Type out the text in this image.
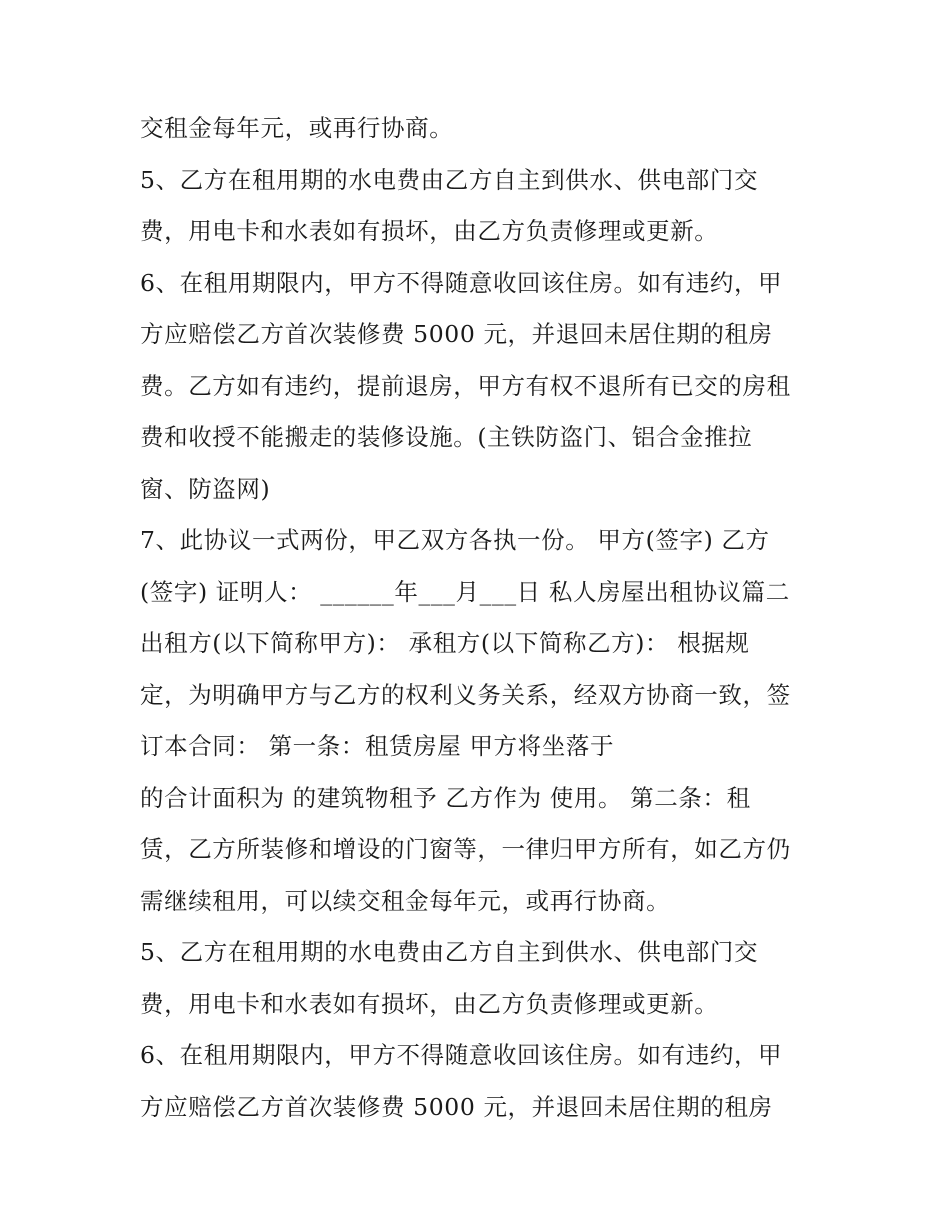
交租金每年元，或再行协商。
5、乙方在租用期的水电费由乙方自主到供水、供电部门交
费，用电卡和水表如有损坏，由乙方负责修理或更新。
6、在租用期限内，甲方不得随意收回该住房。如有违约，甲
方应赔偿乙方首次装修费 5000 元，并退回未居住期的租房
费。乙方如有违约，提前退房，甲方有权不退所有已交的房租
费和收授不能搬走的装修设施。(主铁防盗门、铝合金推拉
窗、防盗网)
7、此协议一式两份，甲乙双方各执一份。 甲方(签字) 乙方
(签字) 证明人： ______年___月___日 私人房屋出租协议篇二
出租方(以下简称甲方)： 承租方(以下简称乙方)： 根据规
定，为明确甲方与乙方的权利义务关系，经双方协商一致，签
订本合同： 第一条：租赁房屋 甲方将坐落于
的合计面积为 的建筑物租予 乙方作为 使用。 第二条：租
赁，乙方所装修和增设的门窗等，一律归甲方所有，如乙方仍
需继续租用，可以续交租金每年元，或再行协商。
5、乙方在租用期的水电费由乙方自主到供水、供电部门交
费，用电卡和水表如有损坏，由乙方负责修理或更新。
6、在租用期限内，甲方不得随意收回该住房。如有违约，甲
方应赔偿乙方首次装修费 5000 元，并退回未居住期的租房
